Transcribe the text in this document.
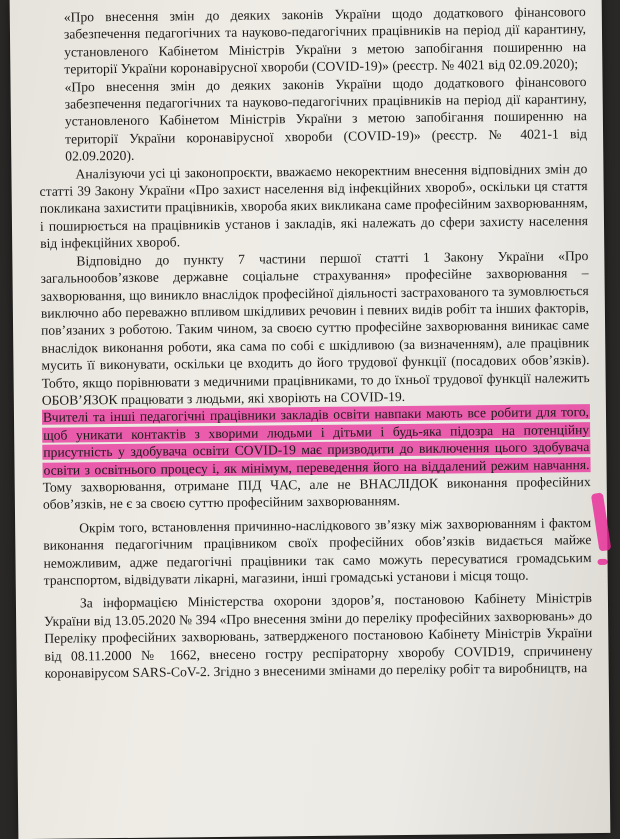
«Про внесення змін до деяких законів України щодо додаткового фінансового забезпечення педагогічних та науково-педагогічних працівників на період дії карантину, установленого Кабінетом Міністрів України з метою запобігання поширенню на території України коронавірусної хвороби (COVID-19)» (реєстр. № 4021 від 02.09.2020);

«Про внесення змін до деяких законів України щодо додаткового фінансового забезпечення педагогічних та науково-педагогічних працівників на період дії карантину, установленого Кабінетом Міністрів України з метою запобігання поширенню на території України коронавірусної хвороби (COVID-19)» (реєстр. № 4021-1 від 02.09.2020).

Аналізуючи усі ці законопроєкти, вважаємо некоректним внесення відповідних змін до статті 39 Закону України «Про захист населення від інфекційних хвороб», оскільки ця стаття покликана захистити працівників, хвороба яких викликана саме професійним захворюванням, і поширюється на працівників установ і закладів, які належать до сфери захисту населення від інфекційних хвороб.

Відповідно до пункту 7 частини першої статті 1 Закону України «Про загальнообов’язкове державне соціальне страхування» професійне захворювання – захворювання, що виникло внаслідок професійної діяльності застрахованого та зумовлюється виключно або переважно впливом шкідливих речовин і певних видів робіт та інших факторів, пов’язаних з роботою. Таким чином, за своєю суттю професійне захворювання виникає саме внаслідок виконання роботи, яка сама по собі є шкідливою (за визначенням), але працівник мусить її виконувати, оскільки це входить до його трудової функції (посадових обов’язків). Тобто, якщо порівнювати з медичними працівниками, то до їхньої трудової функції належить ОБОВ’ЯЗОК працювати з людьми, які хворіють на COVID-19.

Вчителі та інші педагогічні працівники закладів освіти навпаки мають все робити для того, щоб уникати контактів з хворими людьми і дітьми і будь-яка підозра на потенційну присутність у здобувача освіти COVID-19 має призводити до виключення цього здобувача освіти з освітнього процесу і, як мінімум, переведення його на віддалений режим навчання. Тому захворювання, отримане ПІД ЧАС, але не ВНАСЛІДОК виконання професійних обов’язків, не є за своєю суттю професійним захворюванням.

Окрім того, встановлення причинно-наслідкового зв’язку між захворюванням і фактом виконання педагогічним працівником своїх професійних обов’язків видається майже неможливим, адже педагогічні працівники так само можуть пересуватися громадським транспортом, відвідувати лікарні, магазини, інші громадські установи і місця тощо.

За інформацією Міністерства охорони здоров’я, постановою Кабінету Міністрів України від 13.05.2020 № 394 «Про внесення зміни до переліку професійних захворювань» до Переліку професійних захворювань, затвердженого постановою Кабінету Міністрів України від 08.11.2000 № 1662, внесено гостру респіраторну хворобу COVID19, спричинену коронавірусом SARS-CoV-2. Згідно з внесеними змінами до переліку робіт та виробництв, на
